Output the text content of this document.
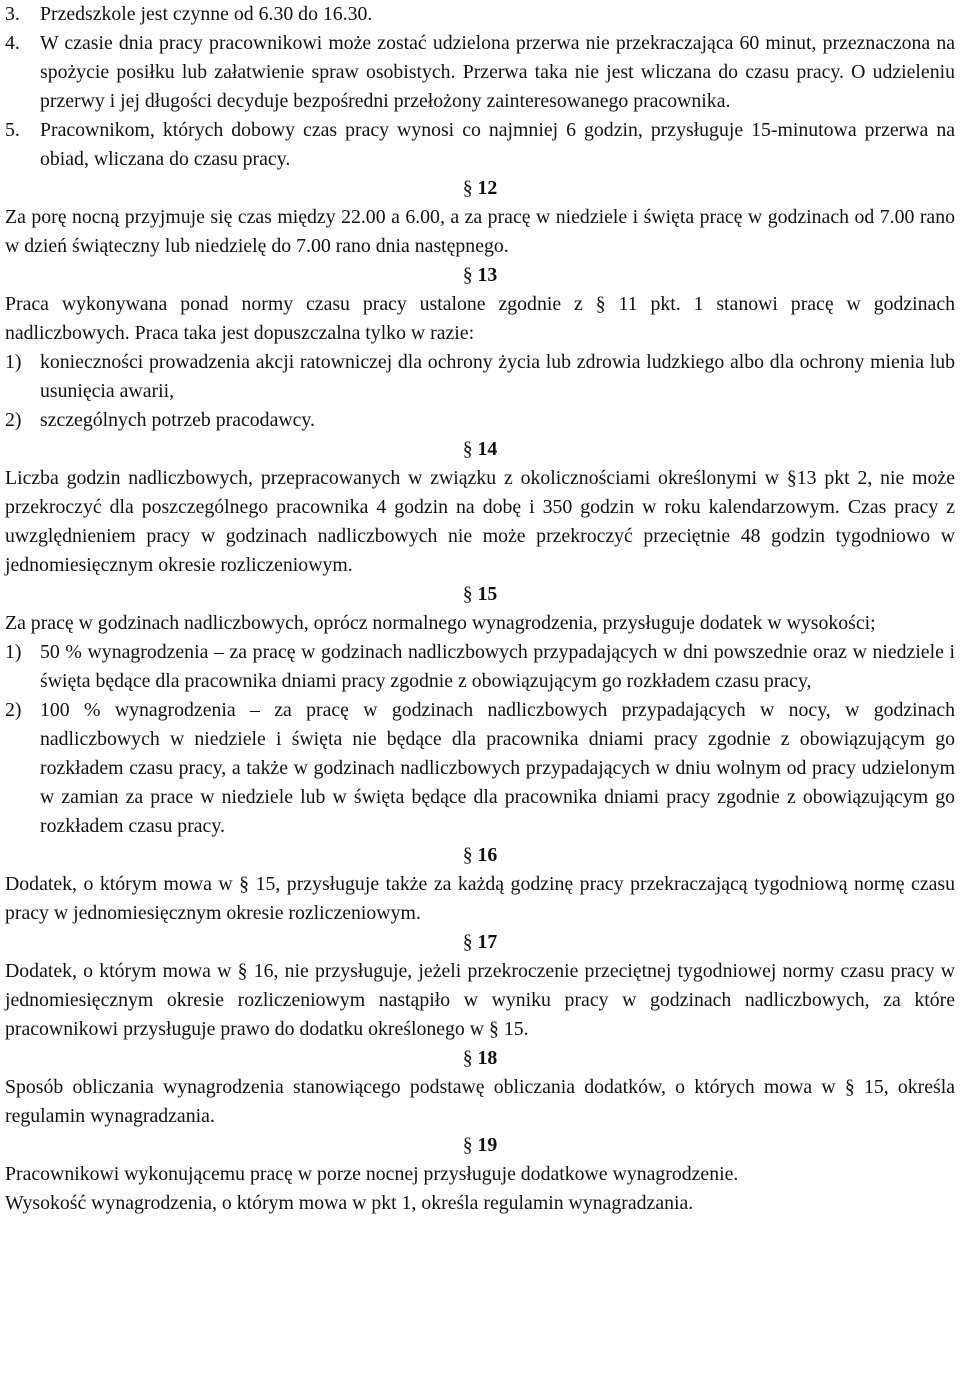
3. Przedszkole jest czynne od 6.30 do 16.30.

4. W czasie dnia pracy pracownikowi może zostać udzielona przerwa nie przekraczająca 60 minut, przeznaczona na spożycie posiłku lub załatwienie spraw osobistych. Przerwa taka nie jest wliczana do czasu pracy. O udzieleniu przerwy i jej długości decyduje bezpośredni przełożony zainteresowanego pracownika.

5. Pracownikom, których dobowy czas pracy wynosi co najmniej 6 godzin, przysługuje 15-minutowa przerwa na obiad, wliczana do czasu pracy.

§ 12

Za porę nocną przyjmuje się czas między 22.00 a 6.00, a za pracę w niedziele i święta pracę w godzinach od 7.00 rano w dzień świąteczny lub niedzielę do 7.00 rano dnia następnego.

§ 13

Praca wykonywana ponad normy czasu pracy ustalone zgodnie z § 11 pkt. 1 stanowi pracę w godzinach nadliczbowych. Praca taka jest dopuszczalna tylko w razie:

1) konieczności prowadzenia akcji ratowniczej dla ochrony życia lub zdrowia ludzkiego albo dla ochrony mienia lub usunięcia awarii,

2) szczególnych potrzeb pracodawcy.

§ 14

Liczba godzin nadliczbowych, przepracowanych w związku z okolicznościami określonymi w §13 pkt 2, nie może przekroczyć dla poszczególnego pracownika 4 godzin na dobę i 350 godzin w roku kalendarzowym. Czas pracy z uwzględnieniem pracy w godzinach nadliczbowych nie może przekroczyć przeciętnie 48 godzin tygodniowo w jednomiesięcznym okresie rozliczeniowym.

§ 15

Za pracę w godzinach nadliczbowych, oprócz normalnego wynagrodzenia, przysługuje dodatek w wysokości;

1) 50 % wynagrodzenia – za pracę w godzinach nadliczbowych przypadających w dni powszednie oraz w niedziele i święta będące dla pracownika dniami pracy zgodnie z obowiązującym go rozkładem czasu pracy,

2) 100 % wynagrodzenia – za pracę w godzinach nadliczbowych przypadających w nocy, w godzinach nadliczbowych w niedziele i święta nie będące dla pracownika dniami pracy zgodnie z obowiązującym go rozkładem czasu pracy, a także w godzinach nadliczbowych przypadających w dniu wolnym od pracy udzielonym w zamian za prace w niedziele lub w święta będące dla pracownika dniami pracy zgodnie z obowiązującym go rozkładem czasu pracy.

§ 16

Dodatek, o którym mowa w § 15, przysługuje także za każdą godzinę pracy przekraczającą tygodniową normę czasu pracy w jednomiesięcznym okresie rozliczeniowym.

§ 17

Dodatek, o którym mowa w § 16, nie przysługuje, jeżeli przekroczenie przeciętnej tygodniowej normy czasu pracy w jednomiesięcznym okresie rozliczeniowym nastąpiło w wyniku pracy w godzinach nadliczbowych, za które pracownikowi przysługuje prawo do dodatku określonego w § 15.

§ 18

Sposób obliczania wynagrodzenia stanowiącego podstawę obliczania dodatków, o których mowa w § 15, określa regulamin wynagradzania.

§ 19

Pracownikowi wykonującemu pracę w porze nocnej przysługuje dodatkowe wynagrodzenie.

Wysokość wynagrodzenia, o którym mowa w pkt 1, określa regulamin wynagradzania.
